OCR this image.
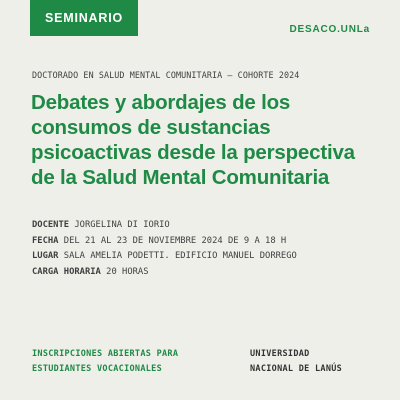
SEMINARIO
DESACO.UNLa
DOCTORADO EN SALUD MENTAL COMUNITARIA — COHORTE 2024
Debates y abordajes de los consumos de sustancias psicoactivas desde la perspectiva de la Salud Mental Comunitaria
DOCENTE JORGELINA DI IORIO
FECHA DEL 21 AL 23 DE NOVIEMBRE 2024 DE 9 A 18 H
LUGAR SALA AMELIA PODETTI. EDIFICIO MANUEL DORREGO
CARGA HORARIA 20 HORAS
INSCRIPCIONES ABIERTAS PARA
ESTUDIANTES VOCACIONALES
UNIVERSIDAD
NACIONAL DE LANÚS
